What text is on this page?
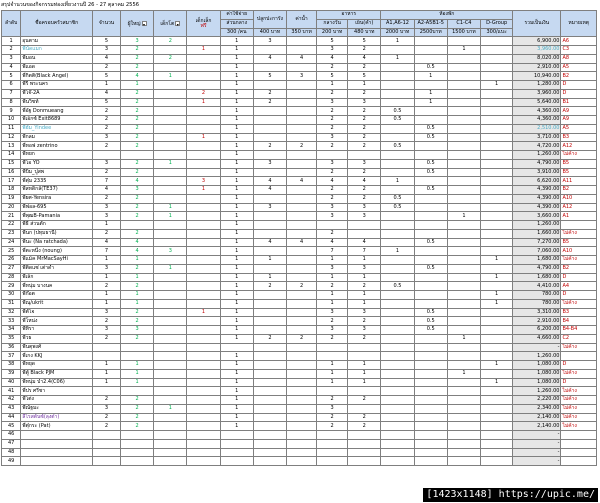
สรุปจำนวนของกิจกรรมท่องเที่ยวงานปี 26 - 27 ตุลาคม 2556
ลำดับ	ชื่อครอบครัวสมาชิก	จำนวน	ผู้ใหญ่ ▾	เด็กโต ▾	เด็กเล็ก
ฟรี	ค่าใช้จ่าย	ปลูกปะการัง	ค่าน้ำ	อาหาร		ห้องพัก				รวมเป็นเงิน	หมายเหตุ
						ส่วนกลาง			กลางวัน	เย็น(ค่ำ)	A1,A6-12	A2-A5B1-5	C1-C4	D-Group		
						300 /คน	400 บาท	350 บาท	200 บาท	480 บาท	2000 บาท	2500บาท	1500 บาท	300/แบะ		
1	อุนตาม	5	3	2		1	3		5	5	1				6,900.00	A6
2	พี่นัดแมก	3	2		1	1			3	2			1		3,960.00	C3
3	พี่มอน	4	2	2		1	4	4	4	4	1				8,020.00	A8
4	พี่แอด	2	2			1			2	2		0.5			2,910.00	A5
5	พี่กิตติ(Black Angel)	5	4	1		1	5	3	5	5		1			10,940.00	B2
6	พี่รี พระนคร	1	1			1			1	1				1	1,280.00	D
7	พี่โจ๊-2A	4	2		2	1	2		2	2		1			3,960.00	D
8	พี่นวิชท์	5	2		1	1	2		3	3		1			5,640.00	B1
9	พี่อัฐ Donmueang	2	2			1			2	2	0.5				4,360.00	A9
10	พี่เอ็กซ์ Exit8689	2	2			1			2	2	0.5				4,360.00	A9
11	พี่ฮัม_Yindee	2	2			1			2	2		0.5			2,510.00	A5
12	พี่กลม	3	2		1	1			3	2		0.5			3,710.00	B3
13	พี่หอฟ zentrino	2	2			1	2	2	2	2	0.5				4,720.00	A12
14	พี่หยก					1									1,260.00	ไม่ค้าง
15	พี่โอ YO	3	2	1		1	3		3	3		0.5			4,790.00	B5
16	พี่บิ๋ม_ปูสพ	2	2			1			2	2		0.5			3,910.00	B5
17	พี่ตุ๋ม 2335	7	4		3	1	4	4	4	4	1				6,620.00	A11
18	พี่สหดิ์กล์(TE37)	4	3		1	1	4		2	2		0.5			4,390.00	B2
19	พี่ยศ-Yensira	2	2			1			2	2	0.5				4,390.00	A10
20	พี่ฟอล-695	3	2	1		1	3		3	3	0.5				4,390.00	A12
21	พี่พุฒB-Pamania	3	2	1		1			3	3			1		3,660.00	A1
22	พี่ธี ส่วนตัก	1				1									1,260.00	
23	พี่นก (ปทุมธานี)	2	2			1			2						1,660.00	ไม่ค้าง
24	พี่นะ (Na ratchada)	4	4			1	4	4	4	4		0.5			7,270.00	B5
25	พี่ตะหนึ่ง (noung)	7	4	3		1			7	7	1				7,060.00	A10
26	พี่แม็ค MrMacSayHi	1	1			1	1		1	1				1	1,680.00	ไม่ค้าง
27	พี่ติดแซ่ เต่าดำ	3	2	1		1			3	3		0.5			4,790.00	B2
28	พี่เล็ก	1	1			1	1		1	1				1	1,680.00	D
29	พี่หนุ่ม บางนค	2	2			1	2	2	2	2	0.5				4,410.00	A4
30	พี่ก๊อต	1	1			1			1	1				1	780.00	D
31	พี่ณุ/ukrit	1	1			1			1	1				1	780.00	ไม่ค้าง
32	พี่ตั้โจ	3	2		1	1			3	3		0.5			3,310.00	B3
33	พี่โหน่ง	2	2			1			2	2		0.5			2,910.00	B4
34	พี่ทิรา	3	3			1			3	3		0.5			6,200.00	B4-B4
35	พี่วธ	2	2			1	2	2	2	2			1		4,660.00	C2
36	พี่นตุพงศ์														-	ไม่ค้าง
37	พี่เกง KKJ					1									1,260.00	
38	พี่หยุด	1	1			1			1	1				1	1,080.00	D
39	พี่ตู้ Black PJM	1	1			1			1	1			1		1,080.00	ไม่ค้าง
40	พี่หนุ่ม ป่า2.4(C06)	1	1			1			1	1				1	1,080.00	D
41	พี่ปร ศรีชา					1									1,260.00	ไม่ค้าง
42	พี่โต่ง	2	2			1			2	2					2,220.00	ไม่ค้าง
43	พี่ณัฐมะ	3	2	1		1			3						2,340.00	ไม่ค้าง
44	ลีโรสต้นซ์(ลุงต๋า)	2	2			1			2	2					2,140.00	ไม่ค้าง
45	พี่ตุ๋กระ (Pat)	2	2			1			2	2					2,140.00	ไม่ค้าง
46															-	
47															-	
48															-	
49															-	
[1423x1148] https://upic.me/
